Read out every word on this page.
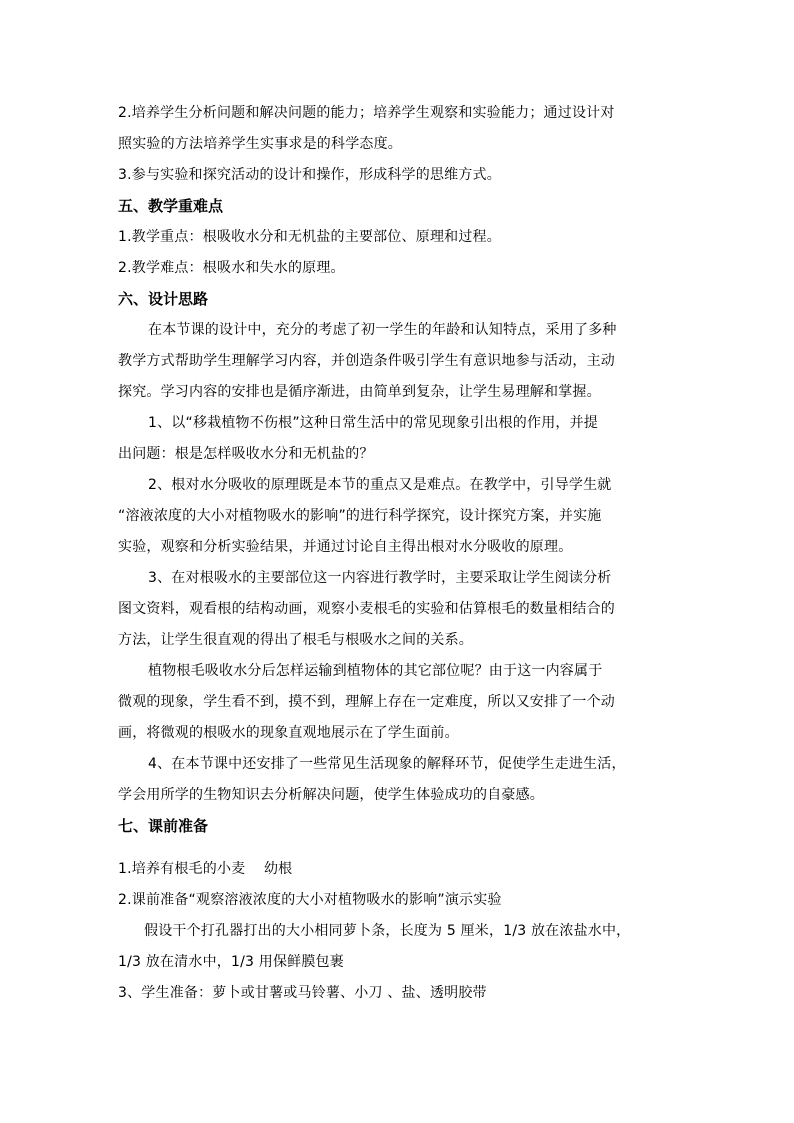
2.培养学生分析问题和解决问题的能力；培养学生观察和实验能力；通过设计对
照实验的方法培养学生实事求是的科学态度。
3.参与实验和探究活动的设计和操作，形成科学的思维方式。
五、教学重难点
1.教学重点：根吸收水分和无机盐的主要部位、原理和过程。
2.教学难点：根吸水和失水的原理。
六、设计思路
在本节课的设计中，充分的考虑了初一学生的年龄和认知特点，采用了多种
教学方式帮助学生理解学习内容，并创造条件吸引学生有意识地参与活动，主动
探究。学习内容的安排也是循序渐进，由简单到复杂，让学生易理解和掌握。
1、以“移栽植物不伤根”这种日常生活中的常见现象引出根的作用，并提
出问题：根是怎样吸收水分和无机盐的？
2、根对水分吸收的原理既是本节的重点又是难点。在教学中，引导学生就
“溶液浓度的大小对植物吸水的影响”的进行科学探究，设计探究方案，并实施
实验，观察和分析实验结果，并通过讨论自主得出根对水分吸收的原理。
3、在对根吸水的主要部位这一内容进行教学时，主要采取让学生阅读分析
图文资料，观看根的结构动画，观察小麦根毛的实验和估算根毛的数量相结合的
方法，让学生很直观的得出了根毛与根吸水之间的关系。
植物根毛吸收水分后怎样运输到植物体的其它部位呢？由于这一内容属于
微观的现象，学生看不到，摸不到，理解上存在一定难度，所以又安排了一个动
画，将微观的根吸水的现象直观地展示在了学生面前。
4、在本节课中还安排了一些常见生活现象的解释环节，促使学生走进生活，
学会用所学的生物知识去分析解决问题，使学生体验成功的自豪感。
七、课前准备
1.培养有根毛的小麦    幼根
2.课前准备“观察溶液浓度的大小对植物吸水的影响”演示实验
假设干个打孔器打出的大小相同萝卜条，长度为 5 厘米，1/3 放在浓盐水中，
1/3 放在清水中，1/3 用保鲜膜包裹
3、学生准备：萝卜或甘薯或马铃薯、小刀 、盐、透明胶带
